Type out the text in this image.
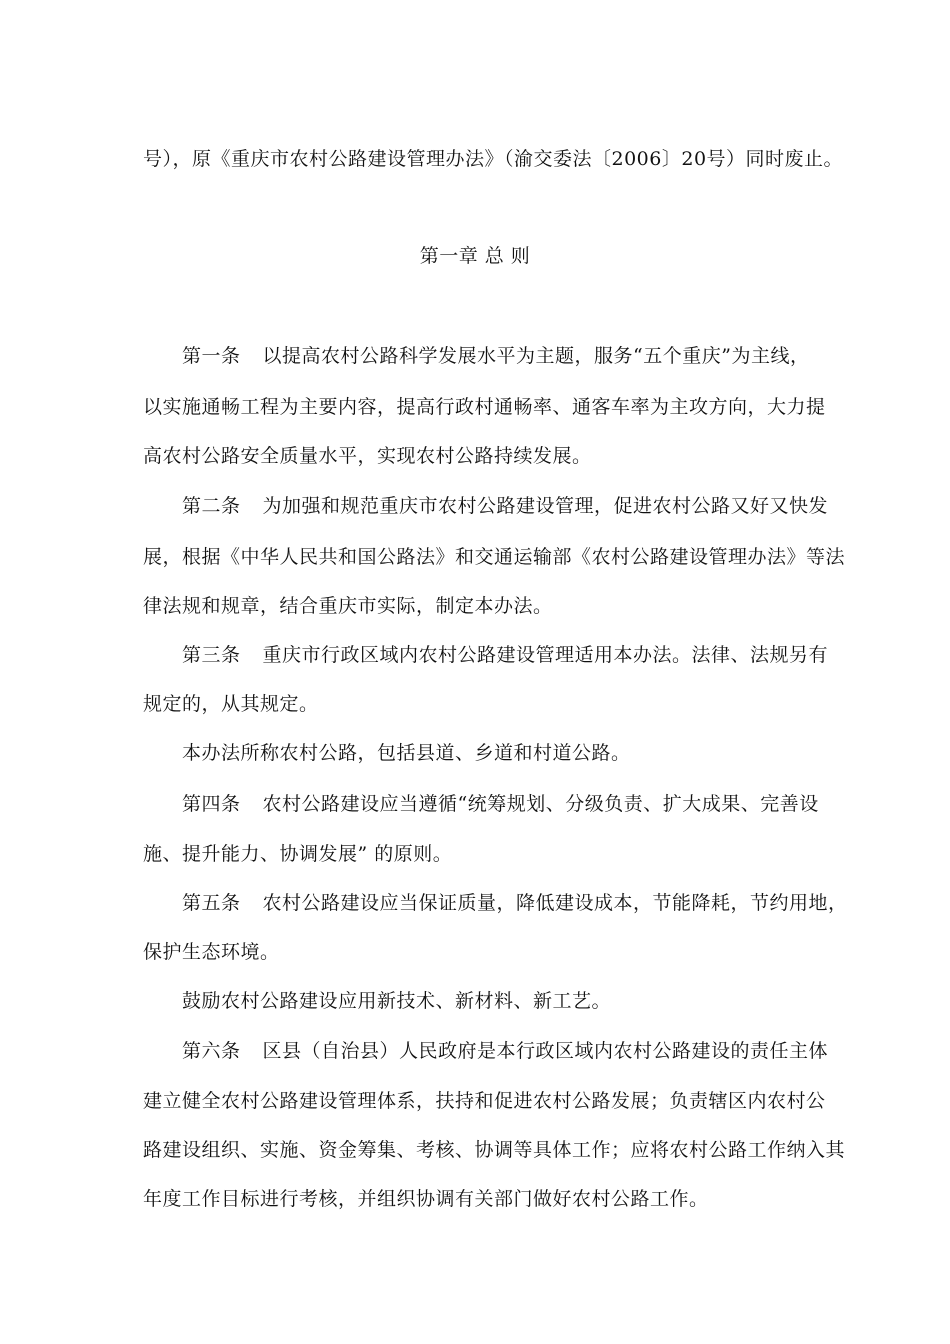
号），原《重庆市农村公路建设管理办法》（渝交委法〔2006〕20号）同时废止。
第一章 总 则
第一条 以提高农村公路科学发展水平为主题，服务“五个重庆”为主线，
以实施通畅工程为主要内容，提高行政村通畅率、通客车率为主攻方向，大力提
高农村公路安全质量水平，实现农村公路持续发展。
第二条 为加强和规范重庆市农村公路建设管理，促进农村公路又好又快发
展，根据《中华人民共和国公路法》和交通运输部《农村公路建设管理办法》等法
律法规和规章，结合重庆市实际，制定本办法。
第三条 重庆市行政区域内农村公路建设管理适用本办法。法律、法规另有
规定的，从其规定。
本办法所称农村公路，包括县道、乡道和村道公路。
第四条 农村公路建设应当遵循“统筹规划、分级负责、扩大成果、完善设
施、提升能力、协调发展” 的原则。
第五条 农村公路建设应当保证质量，降低建设成本，节能降耗，节约用地，
保护生态环境。
鼓励农村公路建设应用新技术、新材料、新工艺。
第六条 区县（自治县）人民政府是本行政区域内农村公路建设的责任主体
建立健全农村公路建设管理体系，扶持和促进农村公路发展；负责辖区内农村公
路建设组织、实施、资金筹集、考核、协调等具体工作；应将农村公路工作纳入其
年度工作目标进行考核，并组织协调有关部门做好农村公路工作。
